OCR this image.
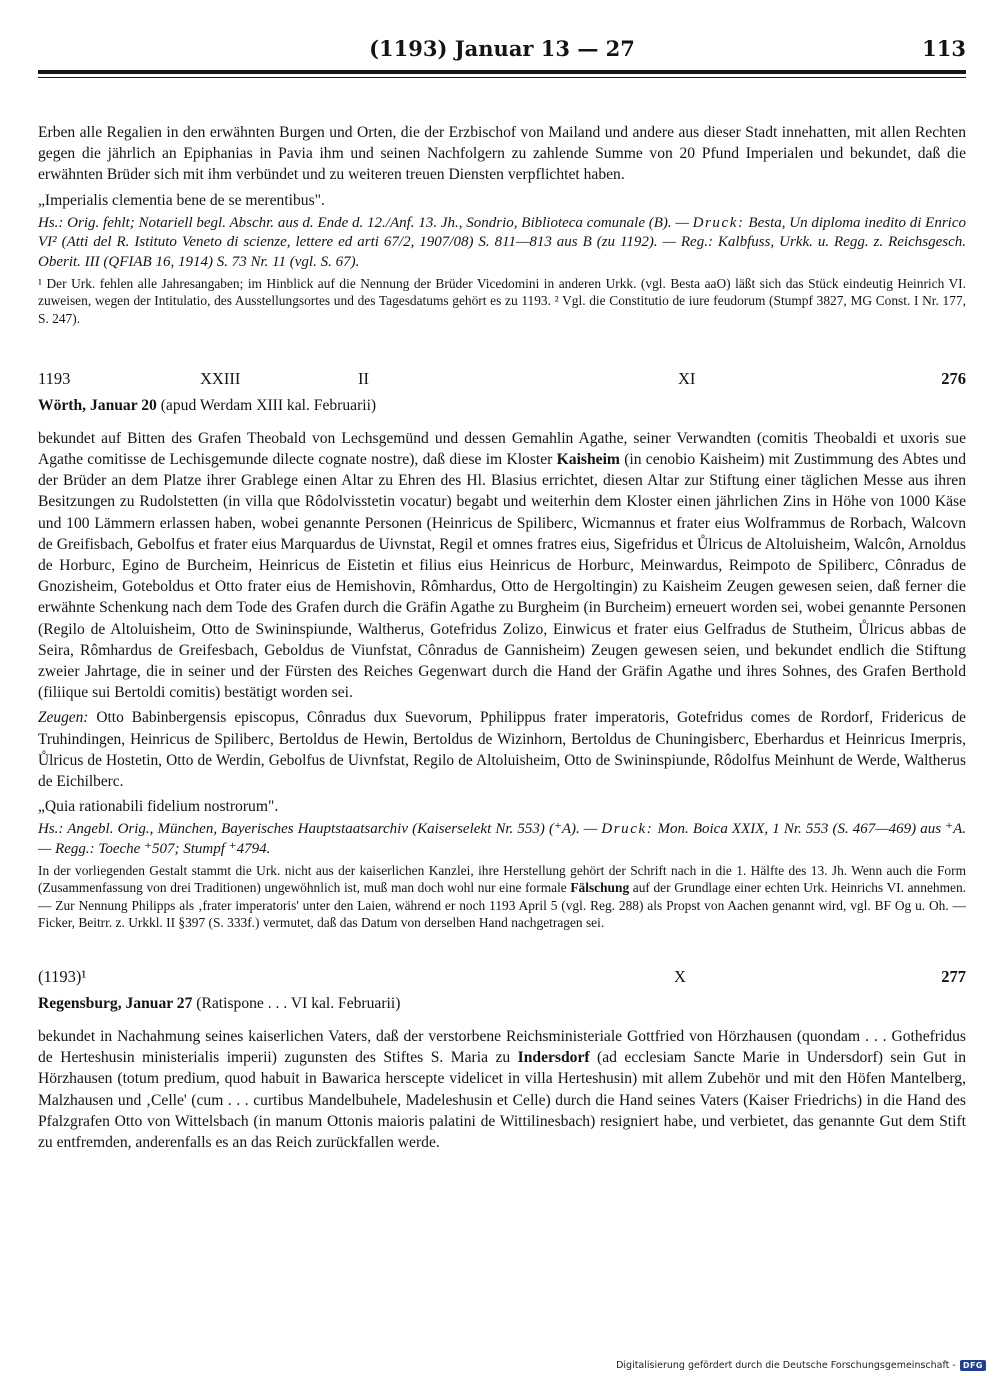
(1193) Januar 13 — 27	113

Erben alle Regalien in den erwähnten Burgen und Orten, die der Erzbischof von Mailand und andere aus dieser Stadt innehatten, mit allen Rechten gegen die jährlich an Epiphanias in Pavia ihm und seinen Nachfolgern zu zahlende Summe von 20 Pfund Imperialen und bekundet, daß die erwähnten Brüder sich mit ihm verbündet und zu weiteren treuen Diensten verpflichtet haben.

„Imperialis clementia bene de se merentibus".

Hs.: Orig. fehlt; Notariell begl. Abschr. aus d. Ende d. 12./Anf. 13. Jh., Sondrio, Biblioteca comunale (B). — Druck: Besta, Un diploma inedito di Enrico VI² (Atti del R. Istituto Veneto di scienze, lettere ed arti 67/2, 1907/08) S. 811—813 aus B (zu 1192). — Reg.: Kalbfuss, Urkk. u. Regg. z. Reichsgesch. Oberit. III (QFIAB 16, 1914) S. 73 Nr. 11 (vgl. S. 67).

¹ Der Urk. fehlen alle Jahresangaben; im Hinblick auf die Nennung der Brüder Vicedomini in anderen Urkk. (vgl. Besta aaO) läßt sich das Stück eindeutig Heinrich VI. zuweisen, wegen der Intitulatio, des Ausstellungsortes und des Tagesdatums gehört es zu 1193. ² Vgl. die Constitutio de iure feudorum (Stumpf 3827, MG Const. I Nr. 177, S. 247).

1193	XXIII	II	XI	276

Wörth, Januar 20 (apud Werdam XIII kal. Februarii)

bekundet auf Bitten des Grafen Theobald von Lechsgemünd und dessen Gemahlin Agathe, seiner Verwandten (comitis Theobaldi et uxoris sue Agathe comitisse de Lechisgemunde dilecte cognate nostre), daß diese im Kloster Kaisheim (in cenobio Kaisheim) mit Zustimmung des Abtes und der Brüder an dem Platze ihrer Grablege einen Altar zu Ehren des Hl. Blasius errichtet, diesen Altar zur Stiftung einer täglichen Messe aus ihren Besitzungen zu Rudolstetten (in villa que Rôdolvisstetin vocatur) begabt und weiterhin dem Kloster einen jährlichen Zins in Höhe von 1000 Käse und 100 Lämmern erlassen haben, wobei genannte Personen (Heinricus de Spiliberc, Wicmannus et frater eius Wolframmus de Rorbach, Walcovn de Greifisbach, Gebolfus et frater eius Marquardus de Uivnstat, Regil et omnes fratres eius, Sigefridus et Ůlricus de Altoluisheim, Walcôn, Arnoldus de Horburc, Egino de Burcheim, Heinricus de Eistetin et filius eius Heinricus de Horburc, Meinwardus, Reimpoto de Spiliberc, Cônradus de Gnozisheim, Goteboldus et Otto frater eius de Hemishovin, Rômhardus, Otto de Hergoltingin) zu Kaisheim Zeugen gewesen seien, daß ferner die erwähnte Schenkung nach dem Tode des Grafen durch die Gräfin Agathe zu Burgheim (in Burcheim) erneuert worden sei, wobei genannte Personen (Regilo de Altoluisheim, Otto de Swininspiunde, Waltherus, Gotefridus Zolizo, Einwicus et frater eius Gelfradus de Stutheim, Ůlricus abbas de Seira, Rômhardus de Greifesbach, Geboldus de Viunfstat, Cônradus de Gannisheim) Zeugen gewesen seien, und bekundet endlich die Stiftung zweier Jahrtage, die in seiner und der Fürsten des Reiches Gegenwart durch die Hand der Gräfin Agathe und ihres Sohnes, des Grafen Berthold (filiique sui Bertoldi comitis) bestätigt worden sei.

Zeugen: Otto Babinbergensis episcopus, Cônradus dux Suevorum, Pphilippus frater imperatoris, Gotefridus comes de Rordorf, Fridericus de Truhindingen, Heinricus de Spiliberc, Bertoldus de Hewin, Bertoldus de Wizinhorn, Bertoldus de Chuningisberc, Eberhardus et Heinricus Imerpris, Ůlricus de Hostetin, Otto de Werdin, Gebolfus de Uivnfstat, Regilo de Altoluisheim, Otto de Swininspiunde, Rôdolfus Meinhunt de Werde, Waltherus de Eichilberc.

„Quia rationabili fidelium nostrorum".

Hs.: Angebl. Orig., München, Bayerisches Hauptstaatsarchiv (Kaiserselekt Nr. 553) (⁺A). — Druck: Mon. Boica XXIX, 1 Nr. 553 (S. 467—469) aus ⁺A. — Regg.: Toeche ⁺507; Stumpf ⁺4794.

In der vorliegenden Gestalt stammt die Urk. nicht aus der kaiserlichen Kanzlei, ihre Herstellung gehört der Schrift nach in die 1. Hälfte des 13. Jh. Wenn auch die Form (Zusammenfassung von drei Traditionen) ungewöhnlich ist, muß man doch wohl nur eine formale Fälschung auf der Grundlage einer echten Urk. Heinrichs VI. annehmen. — Zur Nennung Philipps als ‚frater imperatoris' unter den Laien, während er noch 1193 April 5 (vgl. Reg. 288) als Propst von Aachen genannt wird, vgl. BF Og u. Oh. — Ficker, Beitrr. z. Urkkl. II §397 (S. 333f.) vermutet, daß das Datum von derselben Hand nachgetragen sei.

(1193)¹	X	277

Regensburg, Januar 27 (Ratispone . . . VI kal. Februarii)

bekundet in Nachahmung seines kaiserlichen Vaters, daß der verstorbene Reichsministeriale Gottfried von Hörzhausen (quondam . . . Gothefridus de Herteshusin ministerialis imperii) zugunsten des Stiftes S. Maria zu Indersdorf (ad ecclesiam Sancte Marie in Undersdorf) sein Gut in Hörzhausen (totum predium, quod habuit in Bawarica herscepte videlicet in villa Herteshusin) mit allem Zubehör und mit den Höfen Mantelberg, Malzhausen und ‚Celle' (cum . . . curtibus Mandelbuhele, Madeleshusin et Celle) durch die Hand seines Vaters (Kaiser Friedrichs) in die Hand des Pfalzgrafen Otto von Wittelsbach (in manum Ottonis maioris palatini de Wittilinesbach) resigniert habe, und verbietet, das genannte Gut dem Stift zu entfremden, anderenfalls es an das Reich zurückfallen werde.

Digitalisierung gefördert durch die Deutsche Forschungsgemeinschaft - DFG
